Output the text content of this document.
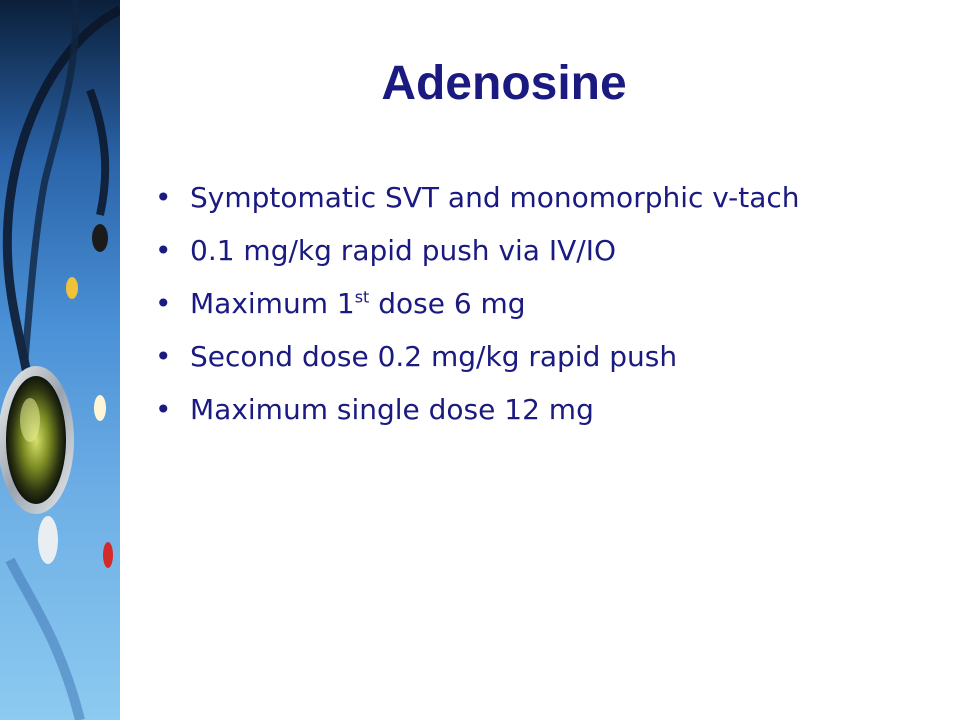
Adenosine
• Symptomatic SVT and monomorphic v-tach
• 0.1 mg/kg rapid push via IV/IO
• Maximum 1st dose 6 mg
• Second dose 0.2 mg/kg rapid push
• Maximum single dose 12 mg
